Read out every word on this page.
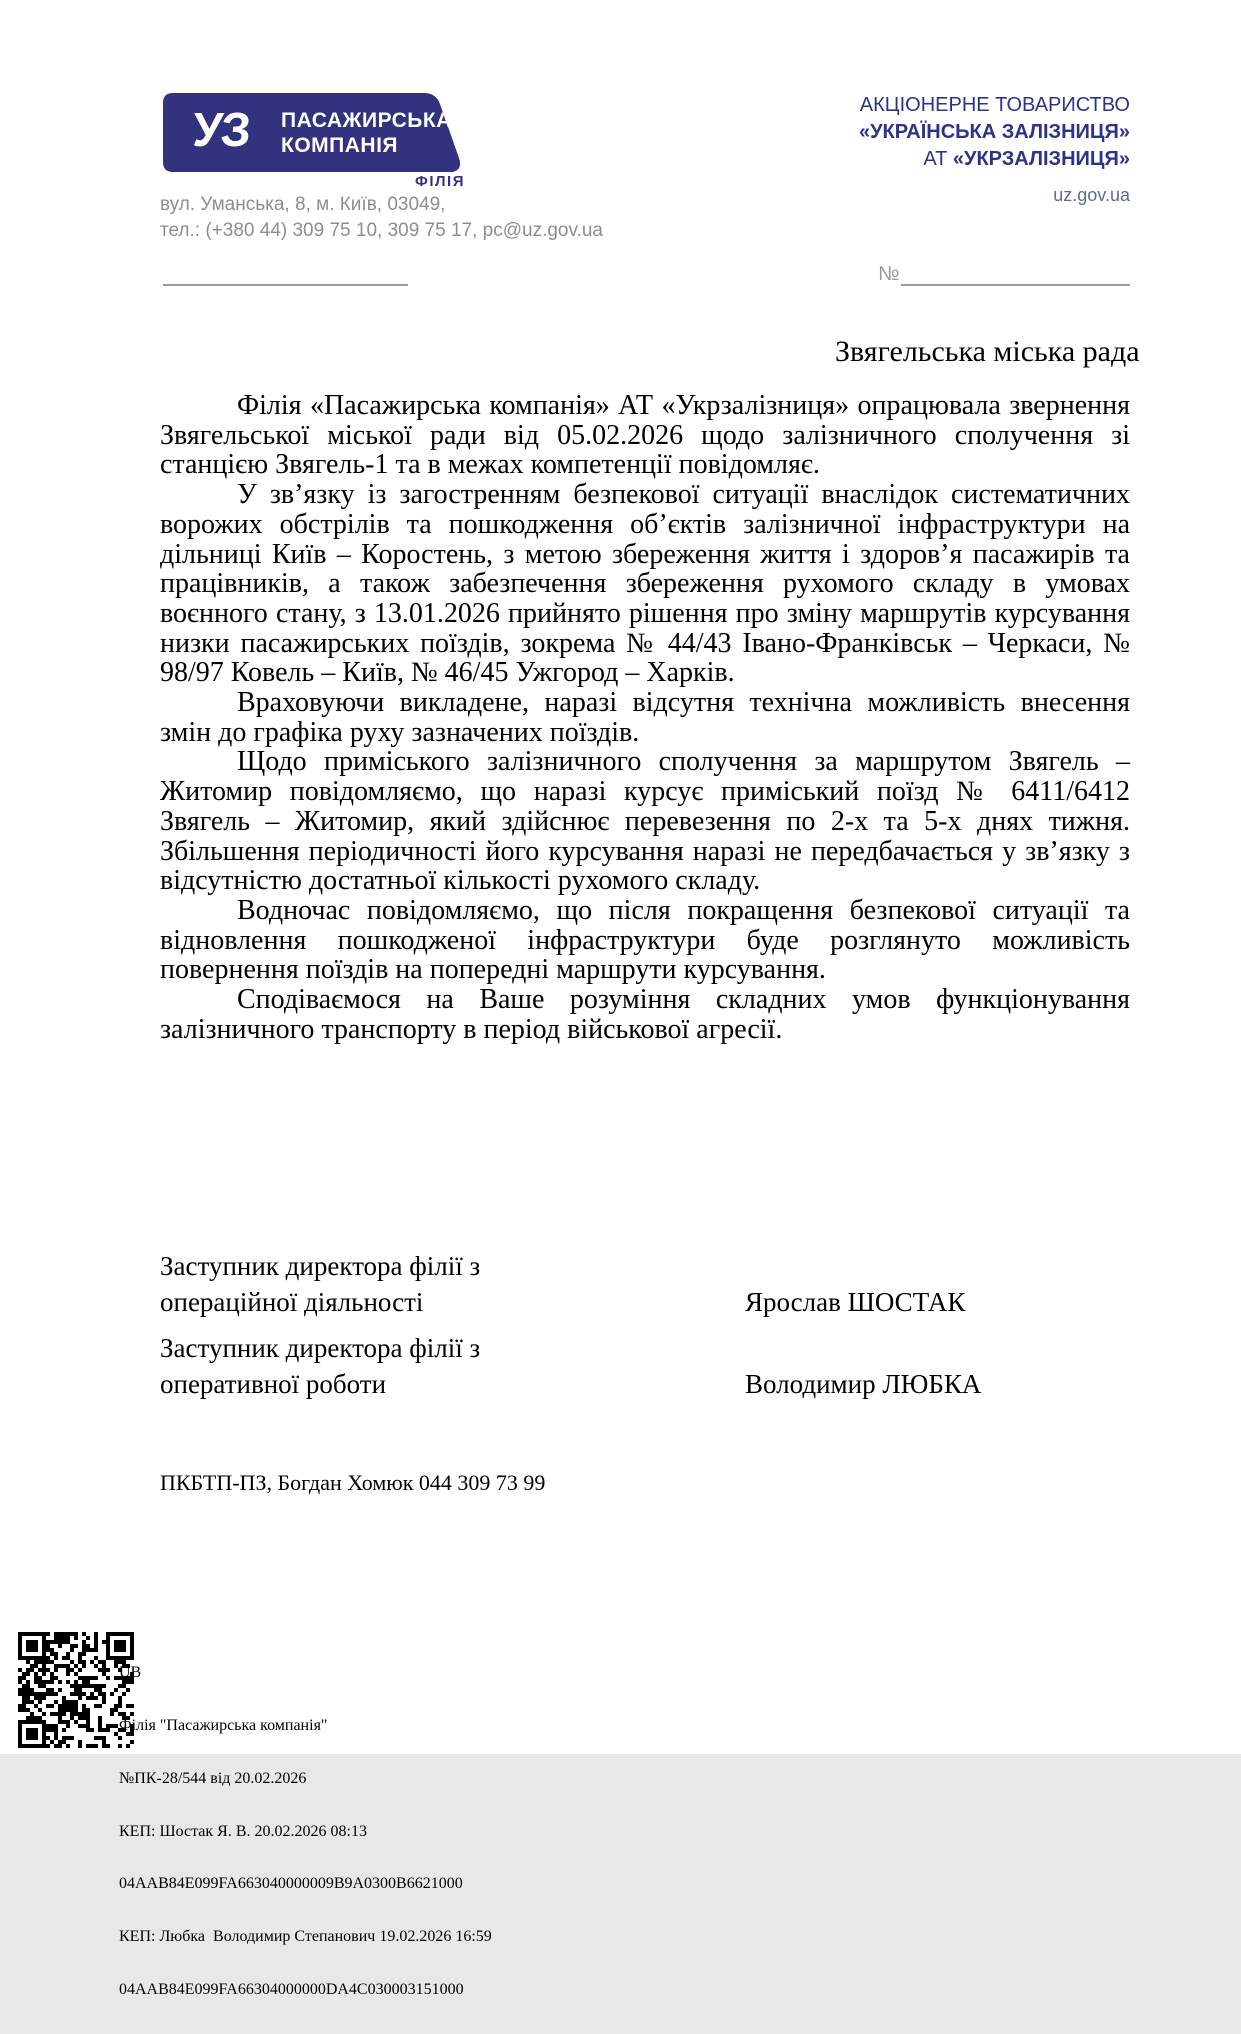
УЗ ПАСАЖИРСЬКА
КОМПАНІЯ
ФІЛІЯ
вул. Уманська, 8, м. Київ, 03049,
тел.: (+380 44) 309 75 10, 309 75 17, pc@uz.gov.ua
АКЦІОНЕРНЕ ТОВАРИСТВО
«УКРАЇНСЬКА ЗАЛІЗНИЦЯ»
АТ «УКРЗАЛІЗНИЦЯ»
uz.gov.ua
№
Звягельська міська рада

Філія «Пасажирська компанія» АТ «Укрзалізниця» опрацювала звернення Звягельської міської ради від 05.02.2026 щодо залізничного сполучення зі станцією Звягель-1 та в межах компетенції повідомляє.

У зв’язку із загостренням безпекової ситуації внаслідок систематичних ворожих обстрілів та пошкодження об’єктів залізничної інфраструктури на дільниці Київ – Коростень, з метою збереження життя і здоров’я пасажирів та працівників, а також забезпечення збереження рухомого складу в умовах воєнного стану, з 13.01.2026 прийнято рішення про зміну маршрутів курсування низки пасажирських поїздів, зокрема № 44/43 Івано-Франківськ – Черкаси, № 98/97 Ковель – Київ, № 46/45 Ужгород – Харків.

Враховуючи викладене, наразі відсутня технічна можливість внесення змін до графіка руху зазначених поїздів.

Щодо приміського залізничного сполучення за маршрутом Звягель – Житомир повідомляємо, що наразі курсує приміський поїзд № 6411/6412 Звягель – Житомир, який здійснює перевезення по 2-х та 5-х днях тижня. Збільшення періодичності його курсування наразі не передбачається у зв’язку з відсутністю достатньої кількості рухомого складу.

Водночас повідомляємо, що після покращення безпекової ситуації та відновлення пошкодженої інфраструктури буде розглянуто можливість повернення поїздів на попередні маршрути курсування.

Сподіваємося на Ваше розуміння складних умов функціонування залізничного транспорту в період військової агресії.

Заступник директора філії з
операційної діяльності	Ярослав ШОСТАК
Заступник директора філії з
оперативної роботи	Володимир ЛЮБКА
ПКБТП-ПЗ, Богдан Хомюк 044 309 73 99

UB

Філія "Пасажирська компанія"

№ПК-28/544 від 20.02.2026

КЕП: Шостак Я. В. 20.02.2026 08:13

04AAB84E099FA663040000009B9A0300B6621000

КЕП: Любка  Володимир Степанович 19.02.2026 16:59

04AAB84E099FA66304000000DA4C030003151000
